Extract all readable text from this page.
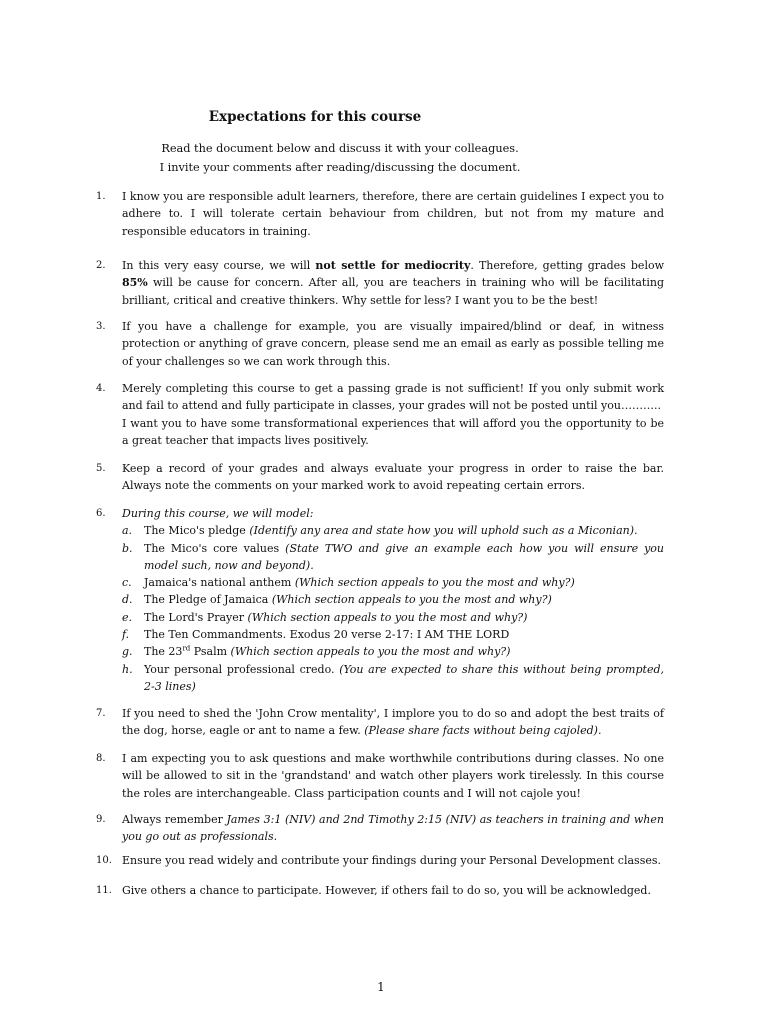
Expectations for this course
Read the document below and discuss it with your colleagues.
I invite your comments after reading/discussing the document.
1.	I know you are responsible adult learners, therefore, there are certain guidelines I expect you to adhere to. I will tolerate certain behaviour from children, but not from my mature and responsible educators in training.
2.	In this very easy course, we will not settle for mediocrity. Therefore, getting grades below 85% will be cause for concern. After all, you are teachers in training who will be facilitating brilliant, critical and creative thinkers. Why settle for less? I want you to be the best!
3.	If you have a challenge for example, you are visually impaired/blind or deaf, in witness protection or anything of grave concern, please send me an email as early as possible telling me of your challenges so we can work through this.
4.	Merely completing this course to get a passing grade is not sufficient! If you only submit work and fail to attend and fully participate in classes, your grades will not be posted until you………..
I want you to have some transformational experiences that will afford you the opportunity to be a great teacher that impacts lives positively.
5.	Keep a record of your grades and always evaluate your progress in order to raise the bar. Always note the comments on your marked work to avoid repeating certain errors.
6.	During this course, we will model:
a. The Mico's pledge (Identify any area and state how you will uphold such as a Miconian).
b. The Mico's core values (State TWO and give an example each how you will ensure you model such, now and beyond).
c. Jamaica's national anthem (Which section appeals to you the most and why?)
d. The Pledge of Jamaica (Which section appeals to you the most and why?)
e. The Lord's Prayer (Which section appeals to you the most and why?)
f. The Ten Commandments. Exodus 20 verse 2-17: I AM THE LORD
g. The 23rd Psalm (Which section appeals to you the most and why?)
h. Your personal professional credo. (You are expected to share this without being prompted, 2-3 lines)
7.	If you need to shed the 'John Crow mentality', I implore you to do so and adopt the best traits of the dog, horse, eagle or ant to name a few. (Please share facts without being cajoled).
8.	I am expecting you to ask questions and make worthwhile contributions during classes. No one will be allowed to sit in the 'grandstand' and watch other players work tirelessly. In this course the roles are interchangeable. Class participation counts and I will not cajole you!
9.	Always remember James 3:1 (NIV) and 2nd Timothy 2:15 (NIV) as teachers in training and when you go out as professionals.
10. Ensure you read widely and contribute your findings during your Personal Development classes.
11. Give others a chance to participate. However, if others fail to do so, you will be acknowledged.
1
